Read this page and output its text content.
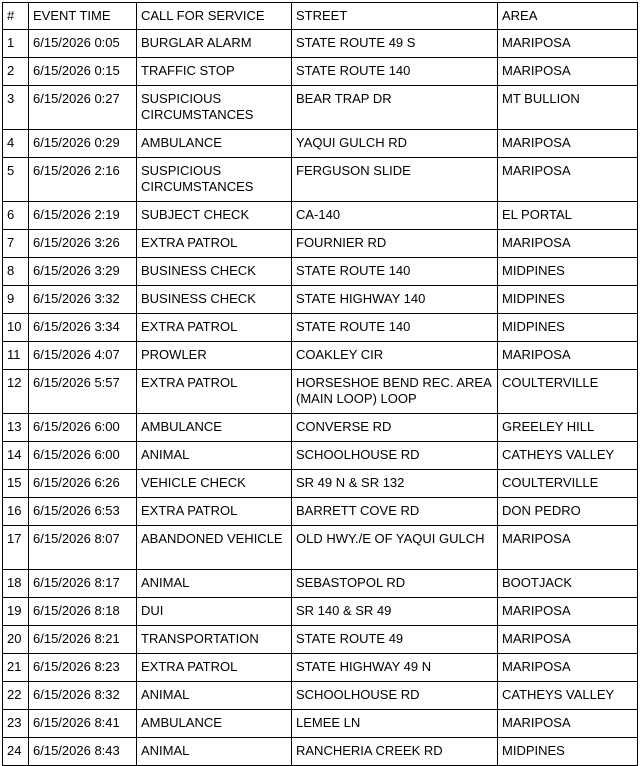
#	EVENT TIME	CALL FOR SERVICE	STREET	AREA
1	6/15/2026 0:05	BURGLAR ALARM	STATE ROUTE 49 S	MARIPOSA
2	6/15/2026 0:15	TRAFFIC STOP	STATE ROUTE 140	MARIPOSA
3	6/15/2026 0:27	SUSPICIOUS CIRCUMSTANCES	BEAR TRAP DR	MT BULLION
4	6/15/2026 0:29	AMBULANCE	YAQUI GULCH RD	MARIPOSA
5	6/15/2026 2:16	SUSPICIOUS CIRCUMSTANCES	FERGUSON SLIDE	MARIPOSA
6	6/15/2026 2:19	SUBJECT CHECK	CA-140	EL PORTAL
7	6/15/2026 3:26	EXTRA PATROL	FOURNIER RD	MARIPOSA
8	6/15/2026 3:29	BUSINESS CHECK	STATE ROUTE 140	MIDPINES
9	6/15/2026 3:32	BUSINESS CHECK	STATE HIGHWAY 140	MIDPINES
10	6/15/2026 3:34	EXTRA PATROL	STATE ROUTE 140	MIDPINES
11	6/15/2026 4:07	PROWLER	COAKLEY CIR	MARIPOSA
12	6/15/2026 5:57	EXTRA PATROL	HORSESHOE BEND REC. AREA (MAIN LOOP) LOOP	COULTERVILLE
13	6/15/2026 6:00	AMBULANCE	CONVERSE RD	GREELEY HILL
14	6/15/2026 6:00	ANIMAL	SCHOOLHOUSE RD	CATHEYS VALLEY
15	6/15/2026 6:26	VEHICLE CHECK	SR 49 N & SR 132	COULTERVILLE
16	6/15/2026 6:53	EXTRA PATROL	BARRETT COVE RD	DON PEDRO
17	6/15/2026 8:07	ABANDONED VEHICLE	OLD HWY./E OF YAQUI GULCH	MARIPOSA
18	6/15/2026 8:17	ANIMAL	SEBASTOPOL RD	BOOTJACK
19	6/15/2026 8:18	DUI	SR 140 & SR 49	MARIPOSA
20	6/15/2026 8:21	TRANSPORTATION	STATE ROUTE 49	MARIPOSA
21	6/15/2026 8:23	EXTRA PATROL	STATE HIGHWAY 49 N	MARIPOSA
22	6/15/2026 8:32	ANIMAL	SCHOOLHOUSE RD	CATHEYS VALLEY
23	6/15/2026 8:41	AMBULANCE	LEMEE LN	MARIPOSA
24	6/15/2026 8:43	ANIMAL	RANCHERIA CREEK RD	MIDPINES
